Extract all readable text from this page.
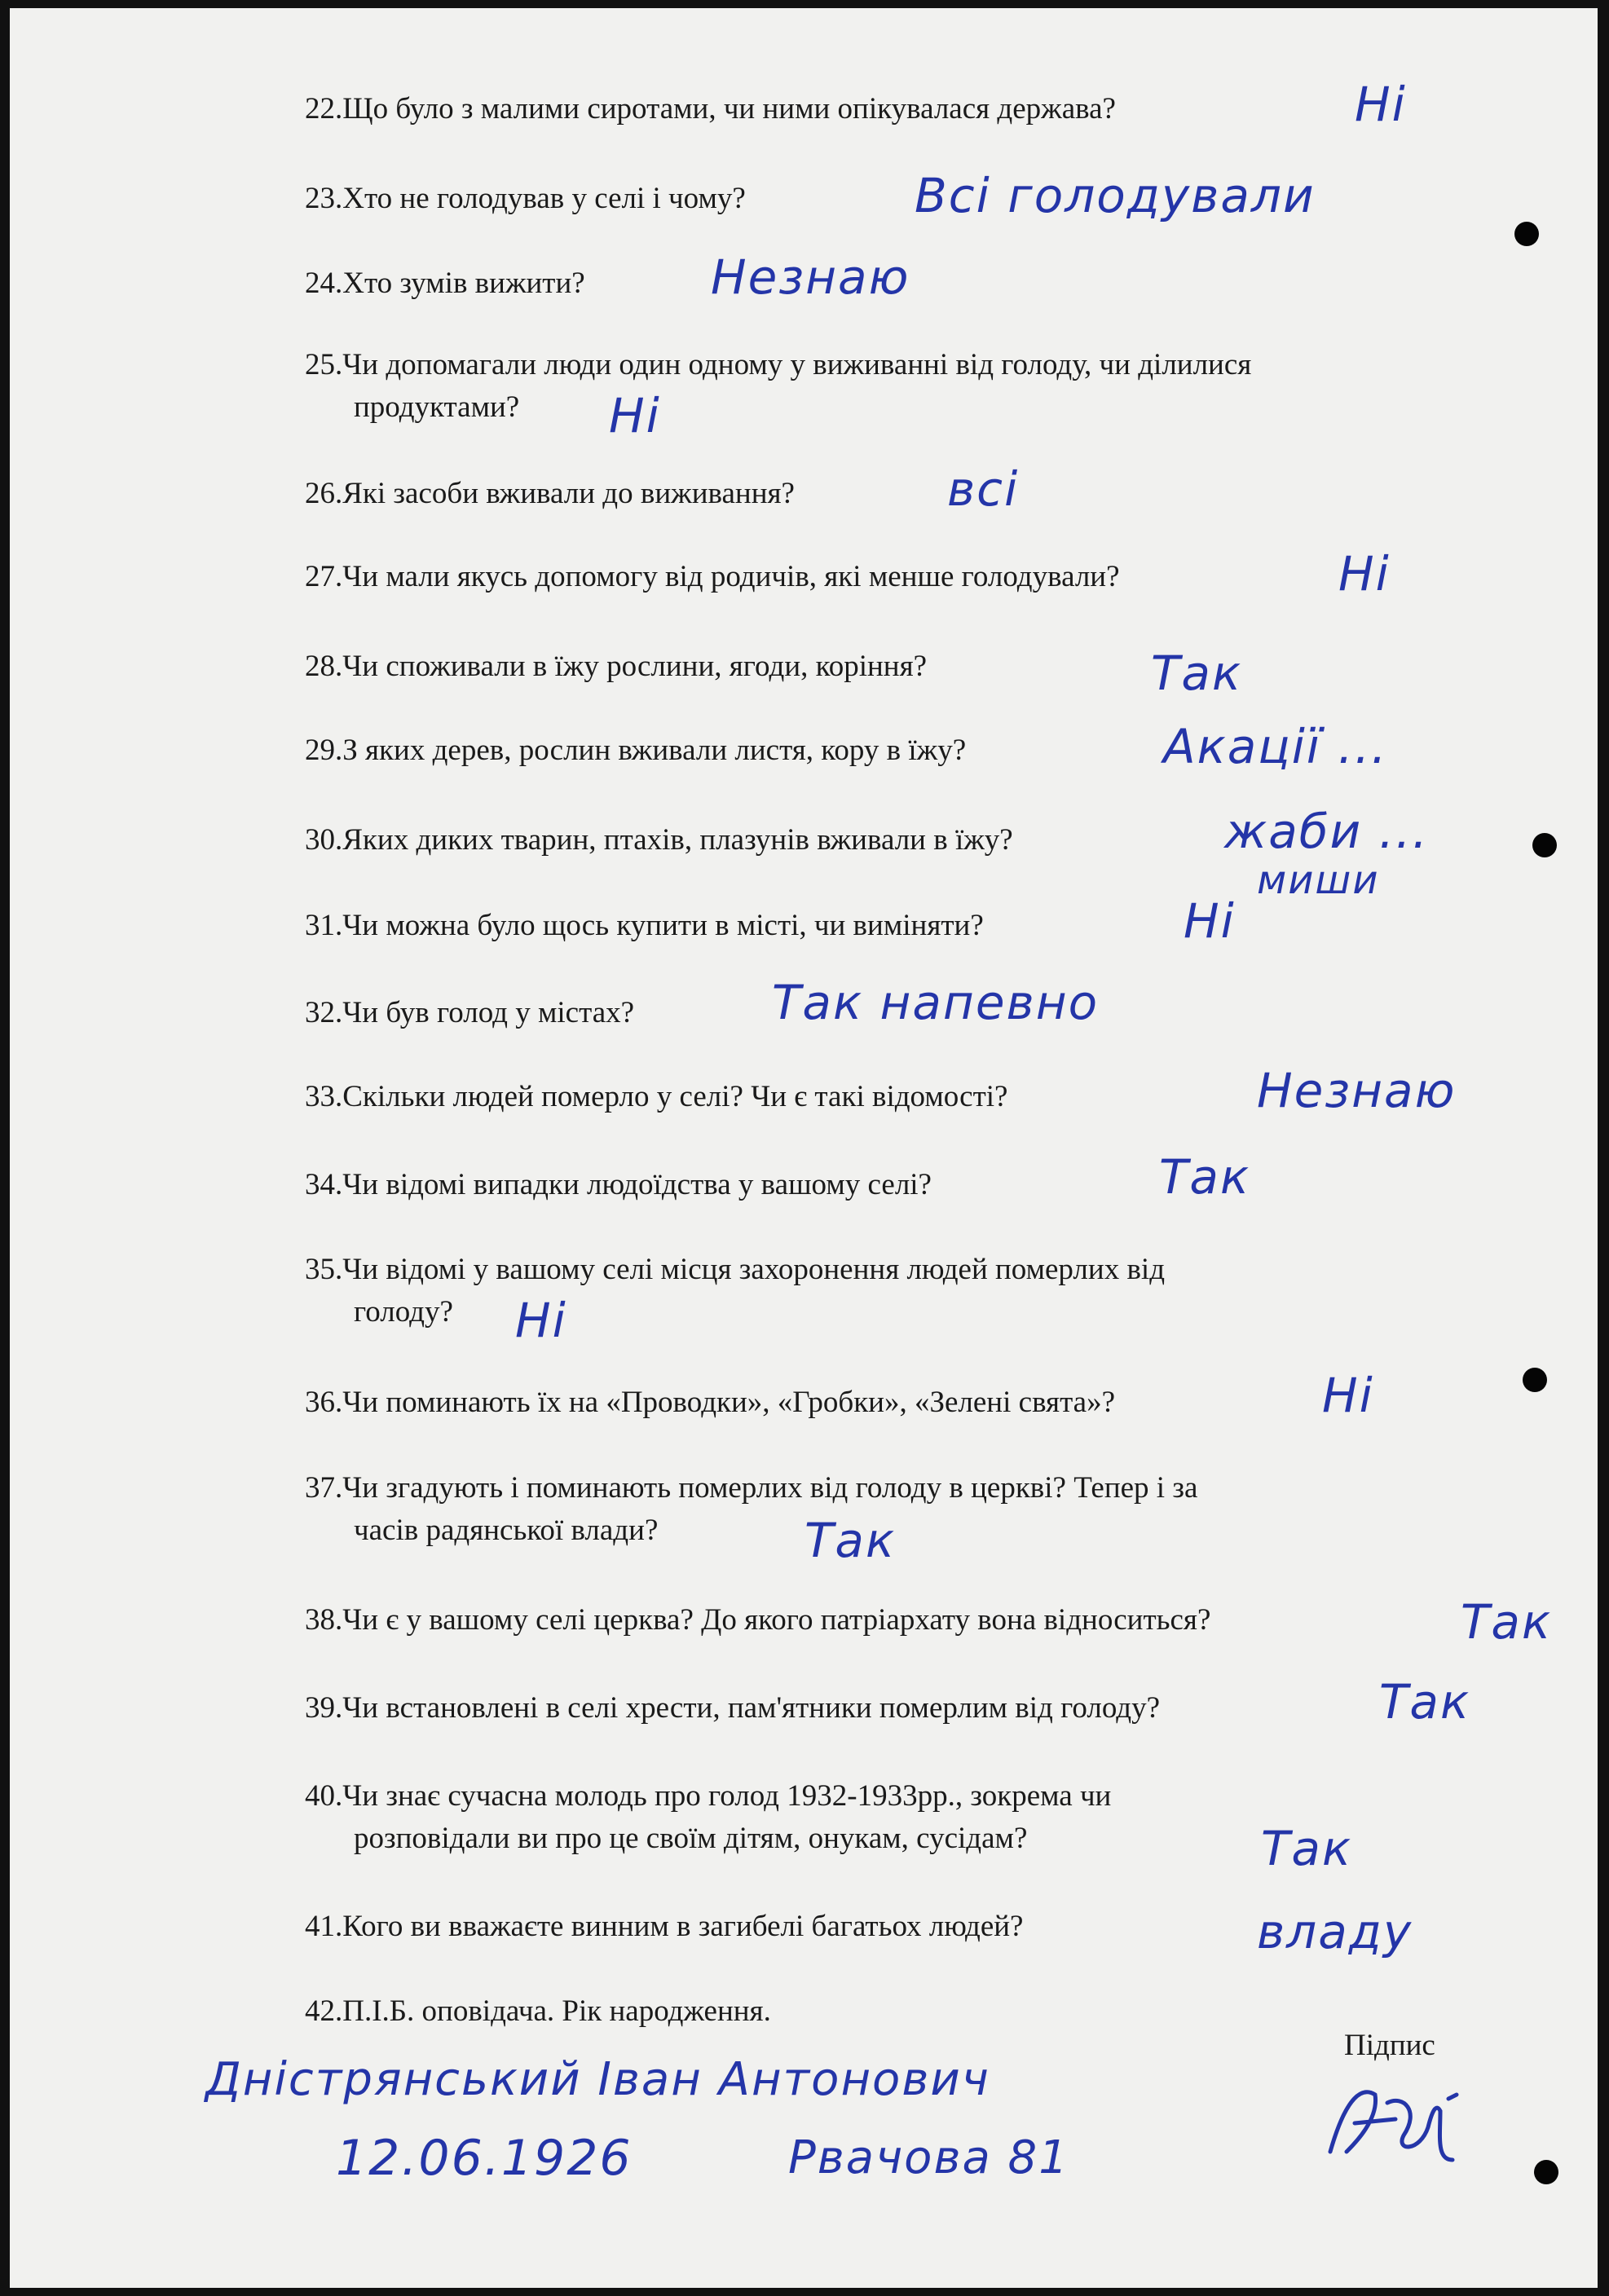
22.Що було з малими сиротами, чи ними опікувалася держава?	Ні
23.Хто не голодував у селі і чому?	Всі голодували
24.Хто зумів вижити?	Незнаю
25.Чи допомагали люди один одному у виживанні від голоду, чи ділилися
продуктами?	Ні
26.Які засоби вживали до виживання?	всі
27.Чи мали якусь допомогу від родичів, які менше голодували?	Ні
28.Чи споживали в їжу рослини, ягоди, коріння?	Так
29.З яких дерев, рослин вживали листя, кору в їжу?	Акації ...
30.Яких диких тварин, птахів, плазунів вживали в їжу?	жаби ...
миши
31.Чи можна було щось купити в місті, чи виміняти?	Ні
32.Чи був голод у містах?	Так напевно
33.Скільки людей померло у селі? Чи є такі відомості?	Незнаю
34.Чи відомі випадки людоїдства у вашому селі?	Так
35.Чи відомі у вашому селі місця захоронення людей померлих від
голоду?	Ні
36.Чи поминають їх на «Проводки», «Гробки», «Зелені свята»?	Ні
37.Чи згадують і поминають померлих від голоду в церкві? Тепер і за
часів радянської влади?	Так
38.Чи є у вашому селі церква? До якого патріархату вона відноситься?	Так
39.Чи встановлені в селі хрести, пам'ятники померлим від голоду?	Так
40.Чи знає сучасна молодь про голод 1932-1933рр., зокрема чи
розповідали ви про це своїм дітям, онукам, сусідам?	Так
41.Кого ви вважаєте винним в загибелі багатьох людей?	владу
42.П.І.Б. оповідача. Рік народження.
Підпис
Дністрянський Іван Антонович
12.06.1926	Рвачова 81
